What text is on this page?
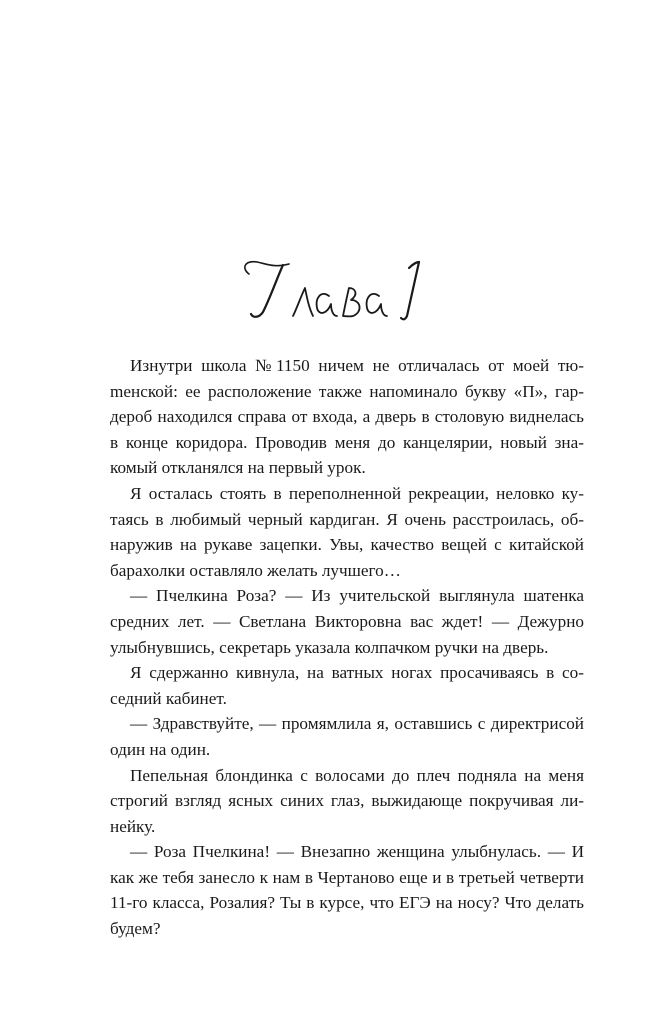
Изнутри школа №1150 ничем не отличалась от моей тюmенской: ее расположение также напоминало букву «П», гардероб находился справа от входа, а дверь в столовую виднелась в конце коридора. Проводив меня до канцелярии, новый знакомый откланялся на первый урок.

Я осталась стоять в переполненной рекреации, неловко кутаясь в любимый черный кардиган. Я очень расстроилась, обнаружив на рукаве зацепки. Увы, качество вещей с китайской барахолки оставляло желать лучшего…

— Пчелкина Роза? — Из учительской выглянула шатенка средних лет. — Светлана Викторовна вас ждет! — Дежурно улыбнувшись, секретарь указала колпачком ручки на дверь.

Я сдержанно кивнула, на ватных ногах просачиваясь в соседний кабинет.

— Здравствуйте, — промямлила я, оставшись с директрисой один на один.

Пепельная блондинка с волосами до плеч подняла на меня строгий взгляд ясных синих глаз, выжидающе покручивая линейку.

— Роза Пчелкина! — Внезапно женщина улыбнулась. — И как же тебя занесло к нам в Чертаново еще и в третьей четверти 11-го класса, Розалия? Ты в курсе, что ЕГЭ на носу? Что делать будем?
